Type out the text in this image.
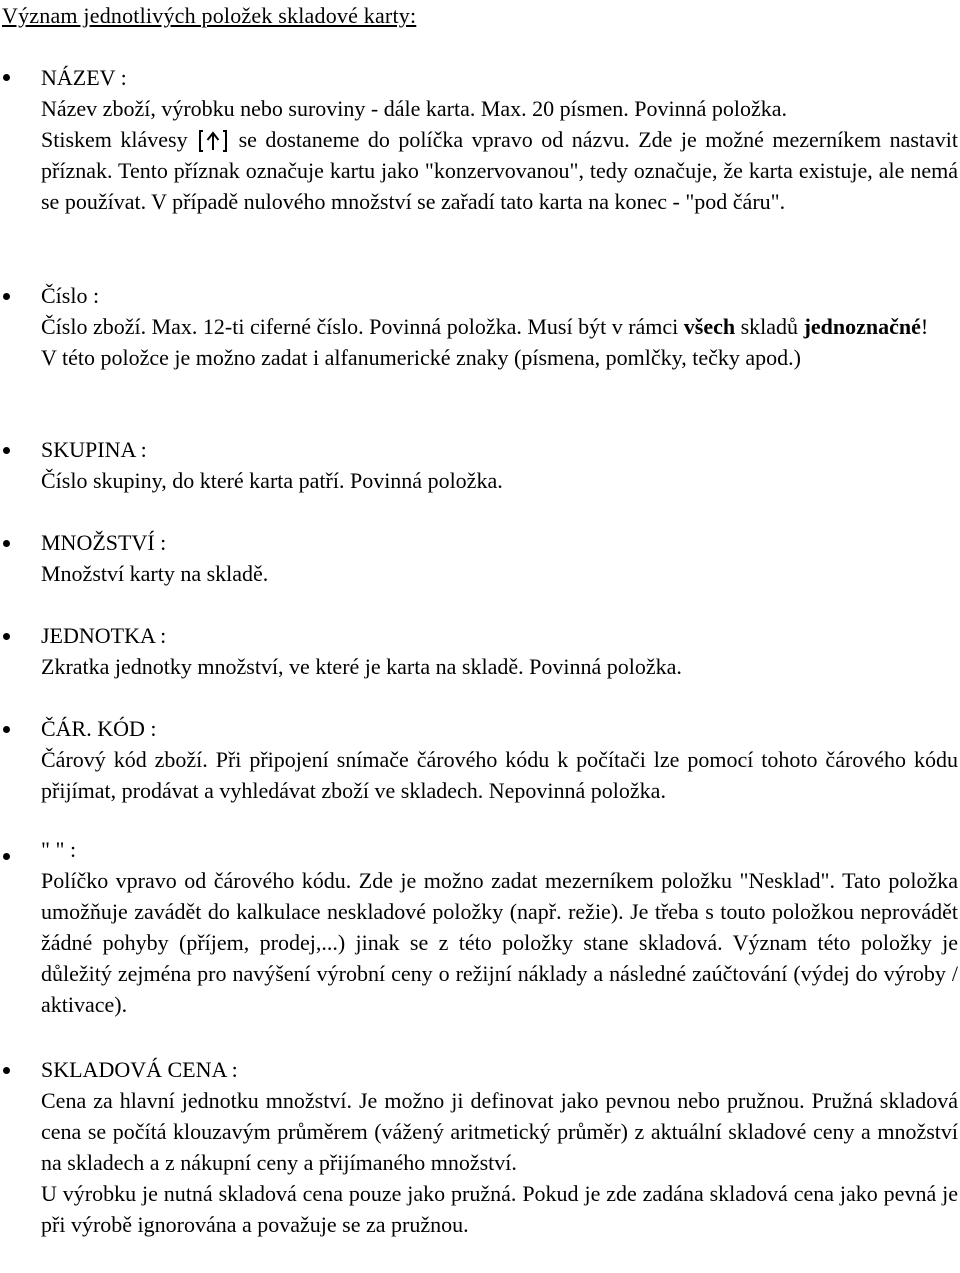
Význam jednotlivých položek skladové karty:
NÁZEV :
Název zboží, výrobku nebo suroviny - dále karta. Max. 20 písmen. Povinná položka.
Stiskem klávesy se dostaneme do políčka vpravo od názvu. Zde je možné mezerníkem nastavit příznak. Tento příznak označuje kartu jako "konzervovanou", tedy označuje, že karta existuje, ale nemá se používat. V případě nulového množství se zařadí tato karta na konec - "pod čáru".
Číslo :
Číslo zboží. Max. 12-ti ciferné číslo. Povinná položka. Musí být v rámci všech skladů jednoznačné!
V této položce je možno zadat i alfanumerické znaky (písmena, pomlčky, tečky apod.)
SKUPINA :
Číslo skupiny, do které karta patří. Povinná položka.
MNOŽSTVÍ :
Množství karty na skladě.
JEDNOTKA :
Zkratka jednotky množství, ve které je karta na skladě. Povinná položka.
ČÁR. KÓD :
Čárový kód zboží. Při připojení snímače čárového kódu k počítači lze pomocí tohoto čárového kódu přijímat, prodávat a vyhledávat zboží ve skladech. Nepovinná položka.
" " :
Políčko vpravo od čárového kódu. Zde je možno zadat mezerníkem položku "Nesklad". Tato položka umožňuje zavádět do kalkulace neskladové položky (např. režie). Je třeba s touto položkou neprovádět žádné pohyby (příjem, prodej,...) jinak se z této položky stane skladová. Význam této položky je důležitý zejména pro navýšení výrobní ceny o režijní náklady a následné zaúčtování (výdej do výroby / aktivace).
SKLADOVÁ CENA :
Cena za hlavní jednotku množství. Je možno ji definovat jako pevnou nebo pružnou. Pružná skladová cena se počítá klouzavým průměrem (vážený aritmetický průměr) z aktuální skladové ceny a množství na skladech a z nákupní ceny a přijímaného množství.
U výrobku je nutná skladová cena pouze jako pružná. Pokud je zde zadána skladová cena jako pevná je při výrobě ignorována a považuje se za pružnou.
